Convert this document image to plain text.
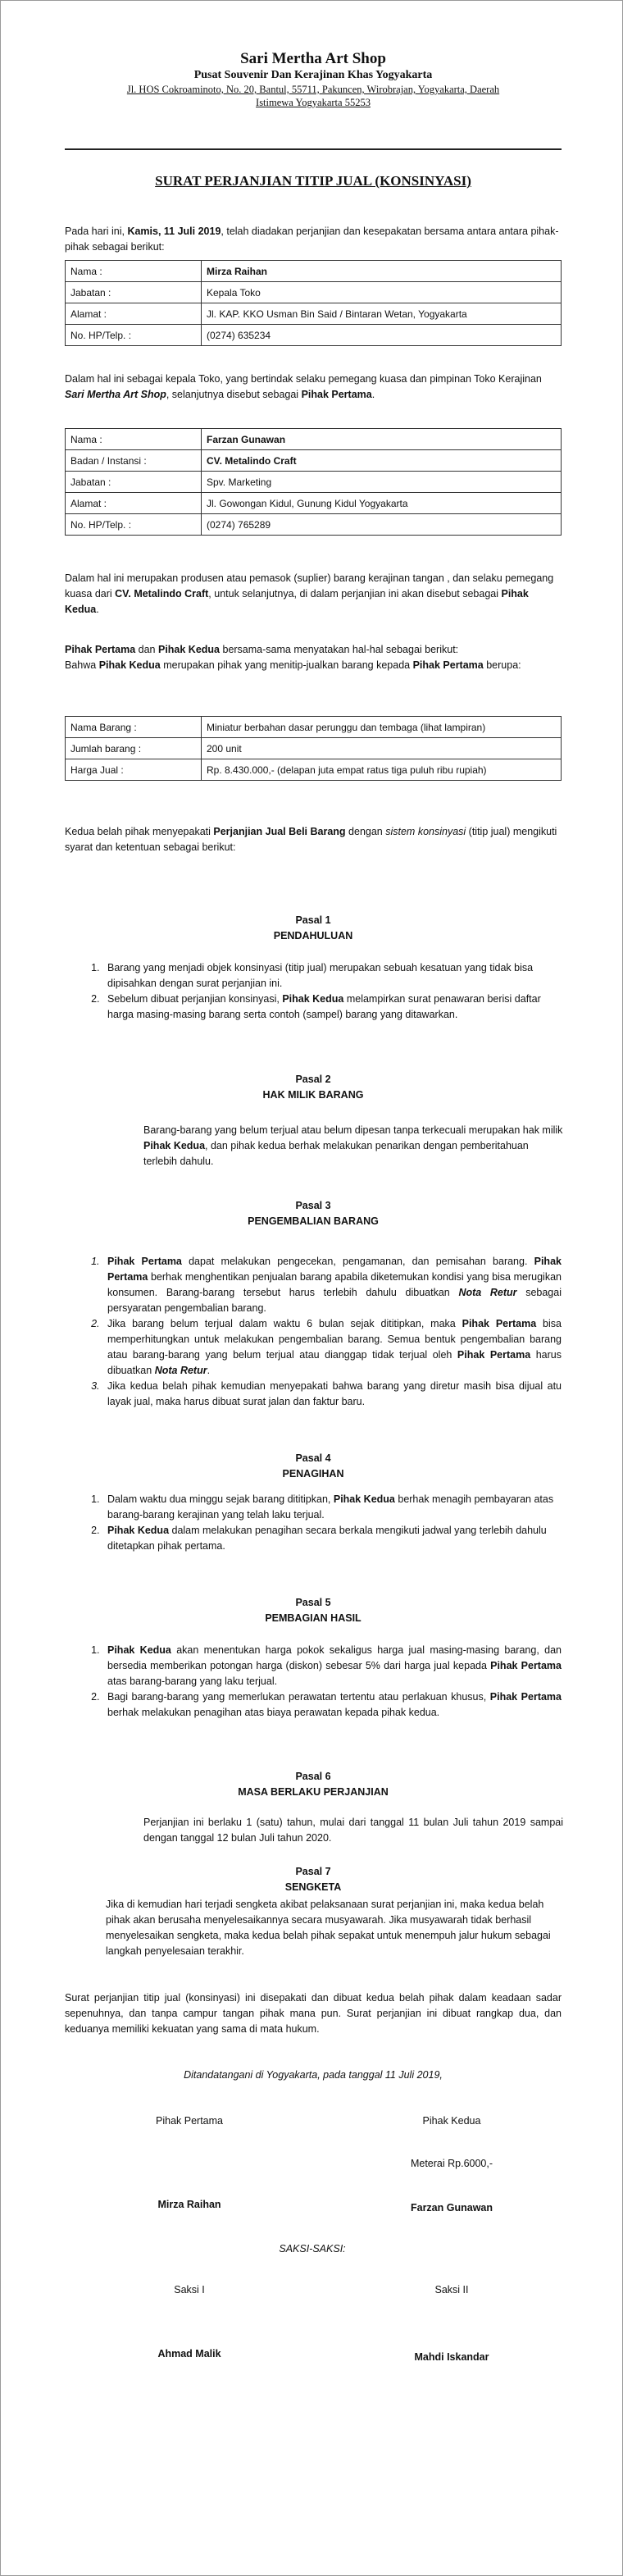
Sari Mertha Art Shop
Pusat Souvenir Dan Kerajinan Khas Yogyakarta
Jl. HOS Cokroaminoto, No. 20, Bantul, 55711, Pakuncen, Wirobrajan, Yogyakarta, Daerah
Istimewa Yogyakarta 55253
SURAT PERJANJIAN TITIP JUAL (KONSINYASI)
Pada hari ini, Kamis, 11 Juli 2019, telah diadakan perjanjian dan kesepakatan bersama antara antara pihak-pihak sebagai berikut:
Nama :	Mirza Raihan
Jabatan :	Kepala Toko
Alamat :	Jl. KAP. KKO Usman Bin Said / Bintaran Wetan, Yogyakarta
No. HP/Telp. :	(0274) 635234
Dalam hal ini sebagai kepala Toko, yang bertindak selaku pemegang kuasa dan pimpinan Toko Kerajinan Sari Mertha Art Shop, selanjutnya disebut sebagai Pihak Pertama.
Nama :	Farzan Gunawan
Badan / Instansi :	CV. Metalindo Craft
Jabatan :	Spv. Marketing
Alamat :	Jl. Gowongan Kidul, Gunung Kidul Yogyakarta
No. HP/Telp. :	(0274) 765289
Dalam hal ini merupakan produsen atau pemasok (suplier) barang kerajinan tangan , dan selaku pemegang kuasa dari CV. Metalindo Craft, untuk selanjutnya, di dalam perjanjian ini akan disebut sebagai Pihak Kedua.
Pihak Pertama dan Pihak Kedua bersama-sama menyatakan hal-hal sebagai berikut:
Bahwa Pihak Kedua merupakan pihak yang menitip-jualkan barang kepada Pihak Pertama berupa:
Nama Barang :	Miniatur berbahan dasar perunggu dan tembaga (lihat lampiran)
Jumlah barang :	200 unit
Harga Jual :	Rp. 8.430.000,- (delapan juta empat ratus tiga puluh ribu rupiah)
Kedua belah pihak menyepakati Perjanjian Jual Beli Barang dengan sistem konsinyasi (titip jual) mengikuti syarat dan ketentuan sebagai berikut:
Pasal 1
PENDAHULUAN
1. Barang yang menjadi objek konsinyasi (titip jual) merupakan sebuah kesatuan yang tidak bisa dipisahkan dengan surat perjanjian ini.
2. Sebelum dibuat perjanjian konsinyasi, Pihak Kedua melampirkan surat penawaran berisi daftar harga masing-masing barang serta contoh (sampel) barang yang ditawarkan.
Pasal 2
HAK MILIK BARANG
Barang-barang yang belum terjual atau belum dipesan tanpa terkecuali merupakan hak milik Pihak Kedua, dan pihak kedua berhak melakukan penarikan dengan pemberitahuan terlebih dahulu.
Pasal 3
PENGEMBALIAN BARANG
1. Pihak Pertama dapat melakukan pengecekan, pengamanan, dan pemisahan barang. Pihak Pertama berhak menghentikan penjualan barang apabila diketemukan kondisi yang bisa merugikan konsumen. Barang-barang tersebut harus terlebih dahulu dibuatkan Nota Retur sebagai persyaratan pengembalian barang.
2. Jika barang belum terjual dalam waktu 6 bulan sejak dititipkan, maka Pihak Pertama bisa memperhitungkan untuk melakukan pengembalian barang. Semua bentuk pengembalian barang atau barang-barang yang belum terjual atau dianggap tidak terjual oleh Pihak Pertama harus dibuatkan Nota Retur.
3. Jika kedua belah pihak kemudian menyepakati bahwa barang yang diretur masih bisa dijual atu layak jual, maka harus dibuat surat jalan dan faktur baru.
Pasal 4
PENAGIHAN
1. Dalam waktu dua minggu sejak barang dititipkan, Pihak Kedua berhak menagih pembayaran atas barang-barang kerajinan yang telah laku terjual.
2. Pihak Kedua dalam melakukan penagihan secara berkala mengikuti jadwal yang terlebih dahulu ditetapkan pihak pertama.
Pasal 5
PEMBAGIAN HASIL
1. Pihak Kedua akan menentukan harga pokok sekaligus harga jual masing-masing barang, dan bersedia memberikan potongan harga (diskon) sebesar 5% dari harga jual kepada Pihak Pertama atas barang-barang yang laku terjual.
2. Bagi barang-barang yang memerlukan perawatan tertentu atau perlakuan khusus, Pihak Pertama berhak melakukan penagihan atas biaya perawatan kepada pihak kedua.
Pasal 6
MASA BERLAKU PERJANJIAN
Perjanjian ini berlaku 1 (satu) tahun, mulai dari tanggal 11 bulan Juli tahun 2019 sampai dengan tanggal 12 bulan Juli tahun 2020.
Pasal 7
SENGKETA
Jika di kemudian hari terjadi sengketa akibat pelaksanaan surat perjanjian ini, maka kedua belah pihak akan berusaha menyelesaikannya secara musyawarah. Jika musyawarah tidak berhasil menyelesaikan sengketa, maka kedua belah pihak sepakat untuk menempuh jalur hukum sebagai langkah penyelesaian terakhir.
Surat perjanjian titip jual (konsinyasi) ini disepakati dan dibuat kedua belah pihak dalam keadaan sadar sepenuhnya, dan tanpa campur tangan pihak mana pun. Surat perjanjian ini dibuat rangkap dua, dan keduanya memiliki kekuatan yang sama di mata hukum.
Ditandatangani di Yogyakarta, pada tanggal 11 Juli 2019,
Pihak Pertama	Pihak Kedua
Meterai Rp.6000,-
Mirza Raihan	Farzan Gunawan
SAKSI-SAKSI:
Saksi I	Saksi II
Ahmad Malik	Mahdi Iskandar
